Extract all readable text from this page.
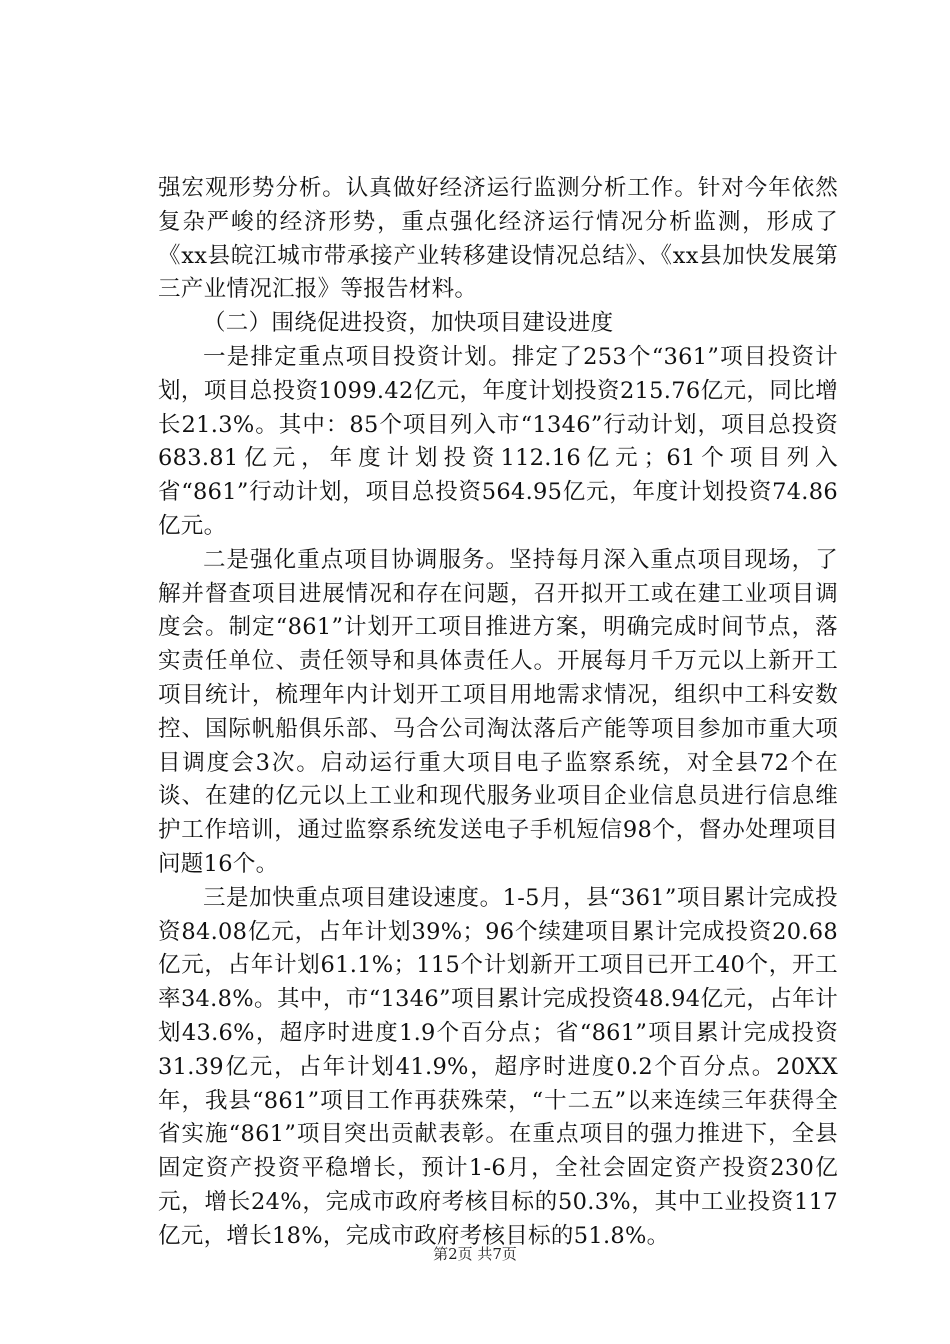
强宏观形势分析。认真做好经济运行监测分析工作。针对今年依然复杂严峻的经济形势，重点强化经济运行情况分析监测，形成了《xx县皖江城市带承接产业转移建设情况总结》、《xx县加快发展第三产业情况汇报》等报告材料。

（二）围绕促进投资，加快项目建设进度

一是排定重点项目投资计划。排定了253个“361”项目投资计划，项目总投资1099.42亿元，年度计划投资215.76亿元，同比增长21.3%。其中：85个项目列入市“1346”行动计划，项目总投资683.81亿元，年度计划投资112.16亿元；61个项目列入省“861”行动计划，项目总投资564.95亿元，年度计划投资74.86亿元。

二是强化重点项目协调服务。坚持每月深入重点项目现场，了解并督查项目进展情况和存在问题，召开拟开工或在建工业项目调度会。制定“861”计划开工项目推进方案，明确完成时间节点，落实责任单位、责任领导和具体责任人。开展每月千万元以上新开工项目统计，梳理年内计划开工项目用地需求情况，组织中工科安数控、国际帆船俱乐部、马合公司淘汰落后产能等项目参加市重大项目调度会3次。启动运行重大项目电子监察系统，对全县72个在谈、在建的亿元以上工业和现代服务业项目企业信息员进行信息维护工作培训，通过监察系统发送电子手机短信98个，督办处理项目问题16个。

三是加快重点项目建设速度。1-5月，县“361”项目累计完成投资84.08亿元，占年计划39%；96个续建项目累计完成投资20.68亿元，占年计划61.1%；115个计划新开工项目已开工40个，开工率34.8%。其中，市“1346”项目累计完成投资48.94亿元，占年计划43.6%，超序时进度1.9个百分点；省“861”项目累计完成投资31.39亿元，占年计划41.9%，超序时进度0.2个百分点。20XX年，我县“861”项目工作再获殊荣，“十二五”以来连续三年获得全省实施“861”项目突出贡献表彰。在重点项目的强力推进下，全县固定资产投资平稳增长，预计1-6月，全社会固定资产投资230亿元，增长24%，完成市政府考核目标的50.3%，其中工业投资117亿元，增长18%，完成市政府考核目标的51.8%。

第2页 共7页
